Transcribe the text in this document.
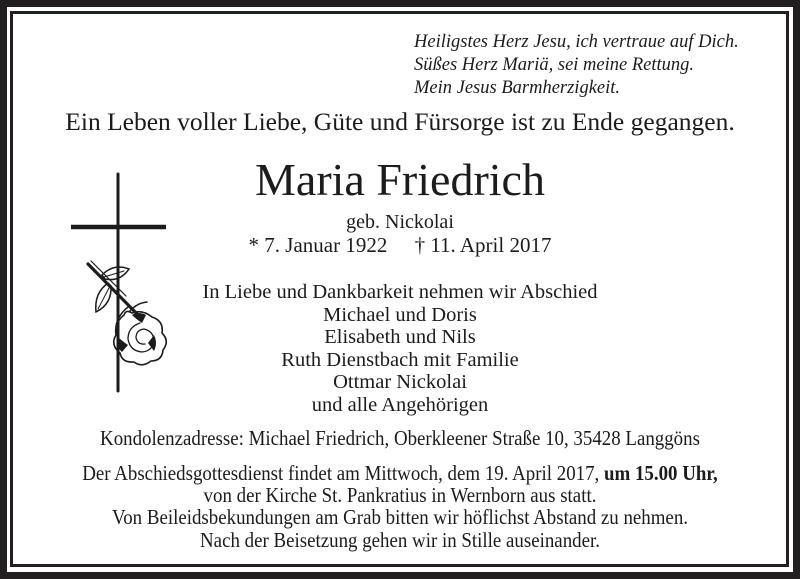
Heiligstes Herz Jesu, ich vertraue auf Dich.
Süßes Herz Mariä, sei meine Rettung.
Mein Jesus Barmherzigkeit.
Ein Leben voller Liebe, Güte und Fürsorge ist zu Ende gegangen.
Maria Friedrich
geb. Nickolai
* 7. Januar 1922 † 11. April 2017
In Liebe und Dankbarkeit nehmen wir Abschied
Michael und Doris
Elisabeth und Nils
Ruth Dienstbach mit Familie
Ottmar Nickolai
und alle Angehörigen
Kondolenzadresse: Michael Friedrich, Oberkleener Straße 10, 35428 Langgöns
Der Abschiedsgottesdienst findet am Mittwoch, dem 19. April 2017, um 15.00 Uhr,
von der Kirche St. Pankratius in Wernborn aus statt.
Von Beileidsbekundungen am Grab bitten wir höflichst Abstand zu nehmen.
Nach der Beisetzung gehen wir in Stille auseinander.
